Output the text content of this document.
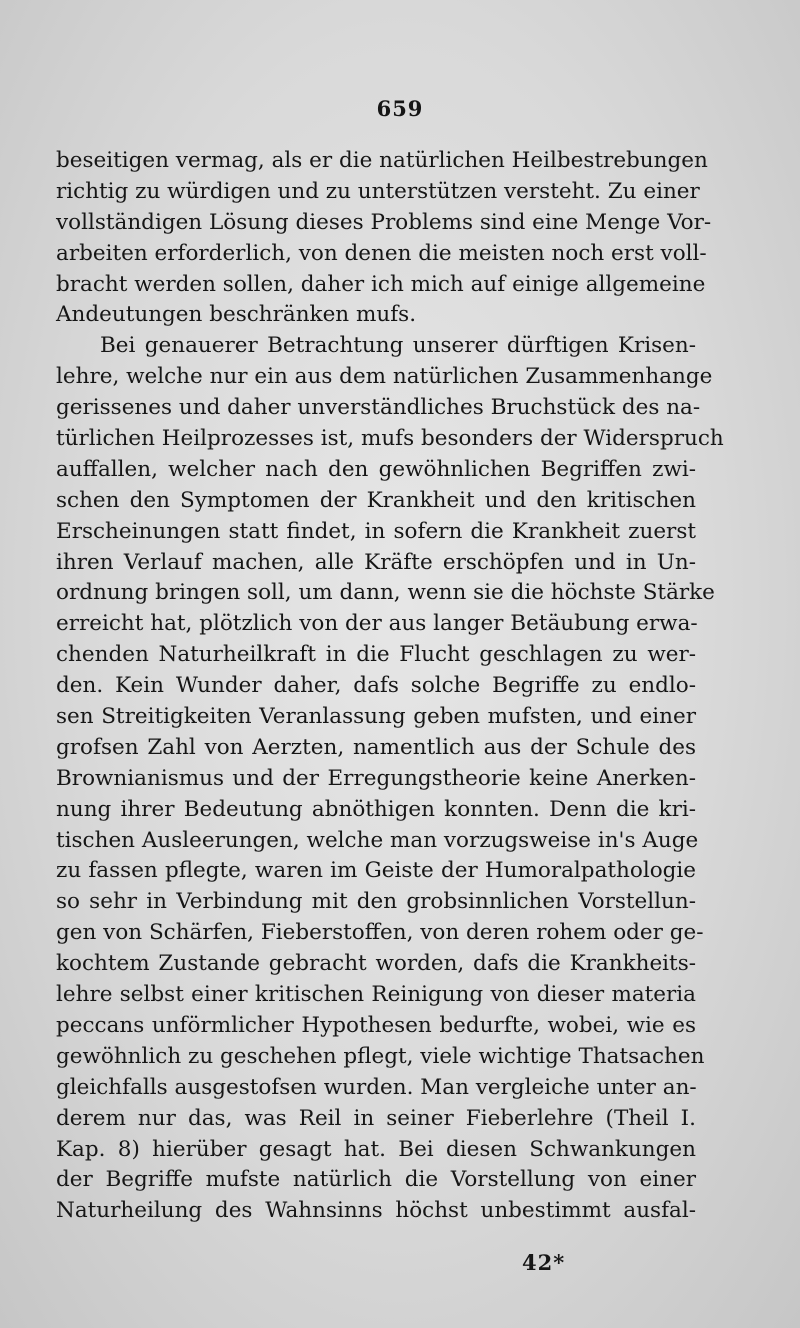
659
beseitigen vermag, als er die natürlichen Heilbestrebungen
richtig zu würdigen und zu unterstützen versteht. Zu einer
vollständigen Lösung dieses Problems sind eine Menge Vor-
arbeiten erforderlich, von denen die meisten noch erst voll-
bracht werden sollen, daher ich mich auf einige allgemeine
Andeutungen beschränken mufs.
Bei genauerer Betrachtung unserer dürftigen Krisen-
lehre, welche nur ein aus dem natürlichen Zusammenhange
gerissenes und daher unverständliches Bruchstück des na-
türlichen Heilprozesses ist, mufs besonders der Widerspruch
auffallen, welcher nach den gewöhnlichen Begriffen zwi-
schen den Symptomen der Krankheit und den kritischen
Erscheinungen statt findet, in sofern die Krankheit zuerst
ihren Verlauf machen, alle Kräfte erschöpfen und in Un-
ordnung bringen soll, um dann, wenn sie die höchste Stärke
erreicht hat, plötzlich von der aus langer Betäubung erwa-
chenden Naturheilkraft in die Flucht geschlagen zu wer-
den. Kein Wunder daher, dafs solche Begriffe zu endlo-
sen Streitigkeiten Veranlassung geben mufsten, und einer
grofsen Zahl von Aerzten, namentlich aus der Schule des
Brownianismus und der Erregungstheorie keine Anerken-
nung ihrer Bedeutung abnöthigen konnten. Denn die kri-
tischen Ausleerungen, welche man vorzugsweise in's Auge
zu fassen pflegte, waren im Geiste der Humoralpathologie
so sehr in Verbindung mit den grobsinnlichen Vorstellun-
gen von Schärfen, Fieberstoffen, von deren rohem oder ge-
kochtem Zustande gebracht worden, dafs die Krankheits-
lehre selbst einer kritischen Reinigung von dieser materia
peccans unförmlicher Hypothesen bedurfte, wobei, wie es
gewöhnlich zu geschehen pflegt, viele wichtige Thatsachen
gleichfalls ausgestofsen wurden. Man vergleiche unter an-
derem nur das, was Reil in seiner Fieberlehre (Theil I.
Kap. 8) hierüber gesagt hat. Bei diesen Schwankungen
der Begriffe mufste natürlich die Vorstellung von einer
Naturheilung des Wahnsinns höchst unbestimmt ausfal-
42*
